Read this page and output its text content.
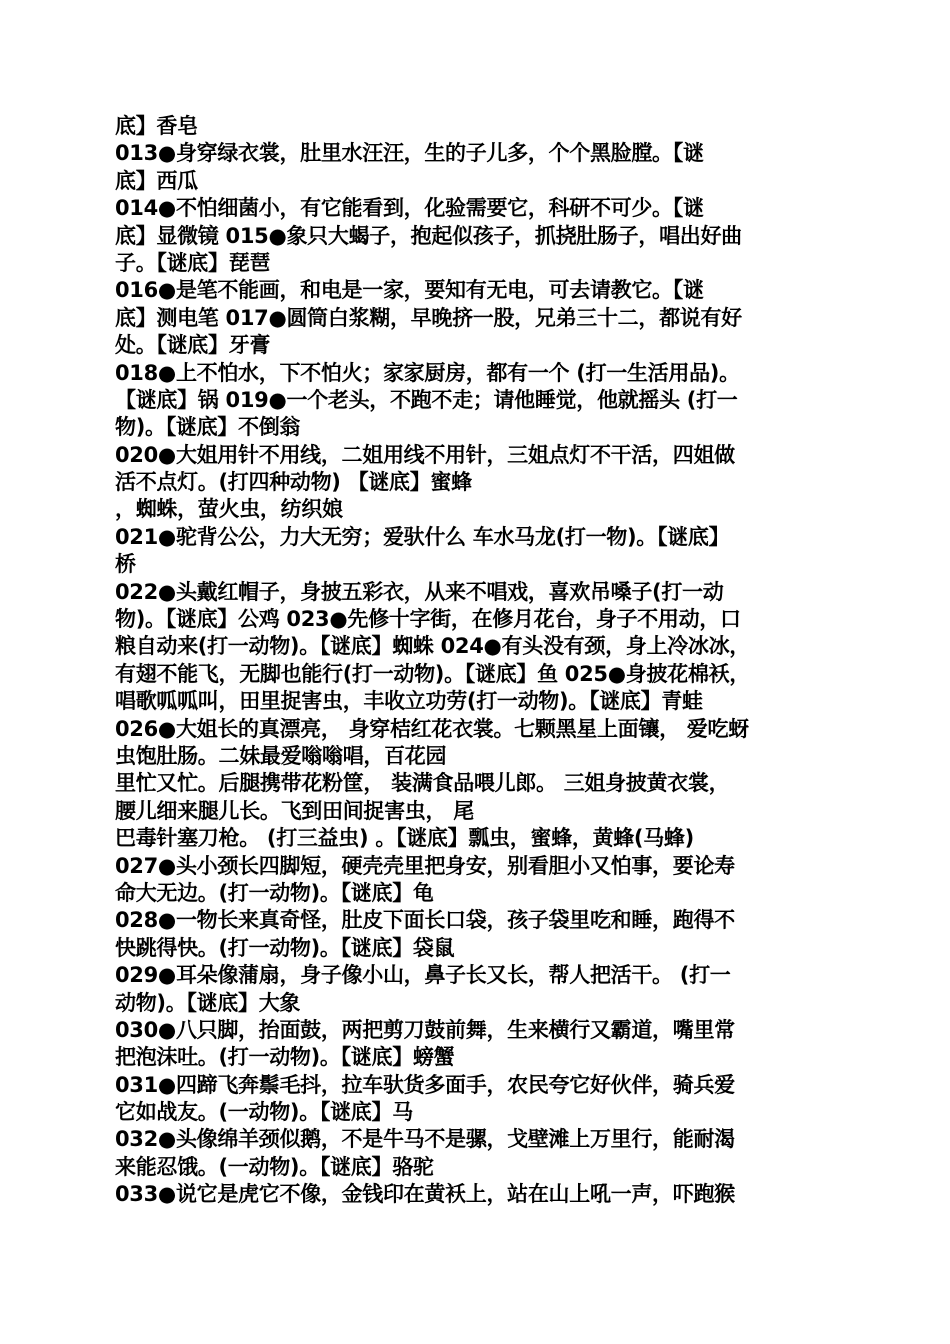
底】香皂
013●身穿绿衣裳，肚里水汪汪，生的子儿多，个个黑脸膛。【谜
底】西瓜
014●不怕细菌小，有它能看到，化验需要它，科研不可少。【谜
底】显微镜 015●象只大蝎子，抱起似孩子，抓挠肚肠子，唱出好曲
子。【谜底】琵琶
016●是笔不能画，和电是一家，要知有无电，可去请教它。【谜
底】测电笔 017●圆筒白浆糊，早晚挤一股，兄弟三十二，都说有好
处。【谜底】牙膏
018●上不怕水，下不怕火；家家厨房，都有一个 (打一生活用品)。
【谜底】锅 019●一个老头，不跑不走；请他睡觉，他就摇头 (打一
物)。【谜底】不倒翁
020●大姐用针不用线，二姐用线不用针，三姐点灯不干活，四姐做
活不点灯。(打四种动物) 【谜底】蜜蜂
，蜘蛛，萤火虫，纺织娘
021●驼背公公，力大无穷；爱驮什么 车水马龙(打一物)。【谜底】
桥
022●头戴红帽子，身披五彩衣，从来不唱戏，喜欢吊嗓子(打一动
物)。【谜底】公鸡 023●先修十字街，在修月花台，身子不用动，口
粮自动来(打一动物)。【谜底】蜘蛛 024●有头没有颈，身上冷冰冰，
有翅不能飞，无脚也能行(打一动物)。【谜底】鱼 025●身披花棉袄，
唱歌呱呱叫，田里捉害虫，丰收立功劳(打一动物)。【谜底】青蛙
026●大姐长的真漂亮， 身穿桔红花衣裳。七颗黑星上面镶， 爱吃蚜
虫饱肚肠。二妹最爱嗡嗡唱，百花园
里忙又忙。后腿携带花粉筐， 装满食品喂儿郎。 三姐身披黄衣裳，
腰儿细来腿儿长。飞到田间捉害虫， 尾
巴毒针塞刀枪。 (打三益虫) 。【谜底】瓢虫，蜜蜂，黄蜂(马蜂)
027●头小颈长四脚短，硬壳壳里把身安，别看胆小又怕事，要论寿
命大无边。(打一动物)。【谜底】龟
028●一物长来真奇怪，肚皮下面长口袋，孩子袋里吃和睡，跑得不
快跳得快。(打一动物)。【谜底】袋鼠
029●耳朵像蒲扇，身子像小山，鼻子长又长，帮人把活干。 (打一
动物)。【谜底】大象
030●八只脚，抬面鼓，两把剪刀鼓前舞，生来横行又霸道，嘴里常
把泡沫吐。(打一动物)。【谜底】螃蟹
031●四蹄飞奔鬃毛抖，拉车驮货多面手，农民夸它好伙伴，骑兵爱
它如战友。(一动物)。【谜底】马
032●头像绵羊颈似鹅，不是牛马不是骡，戈壁滩上万里行，能耐渴
来能忍饿。(一动物)。【谜底】骆驼
033●说它是虎它不像，金钱印在黄袄上，站在山上吼一声，吓跑猴
